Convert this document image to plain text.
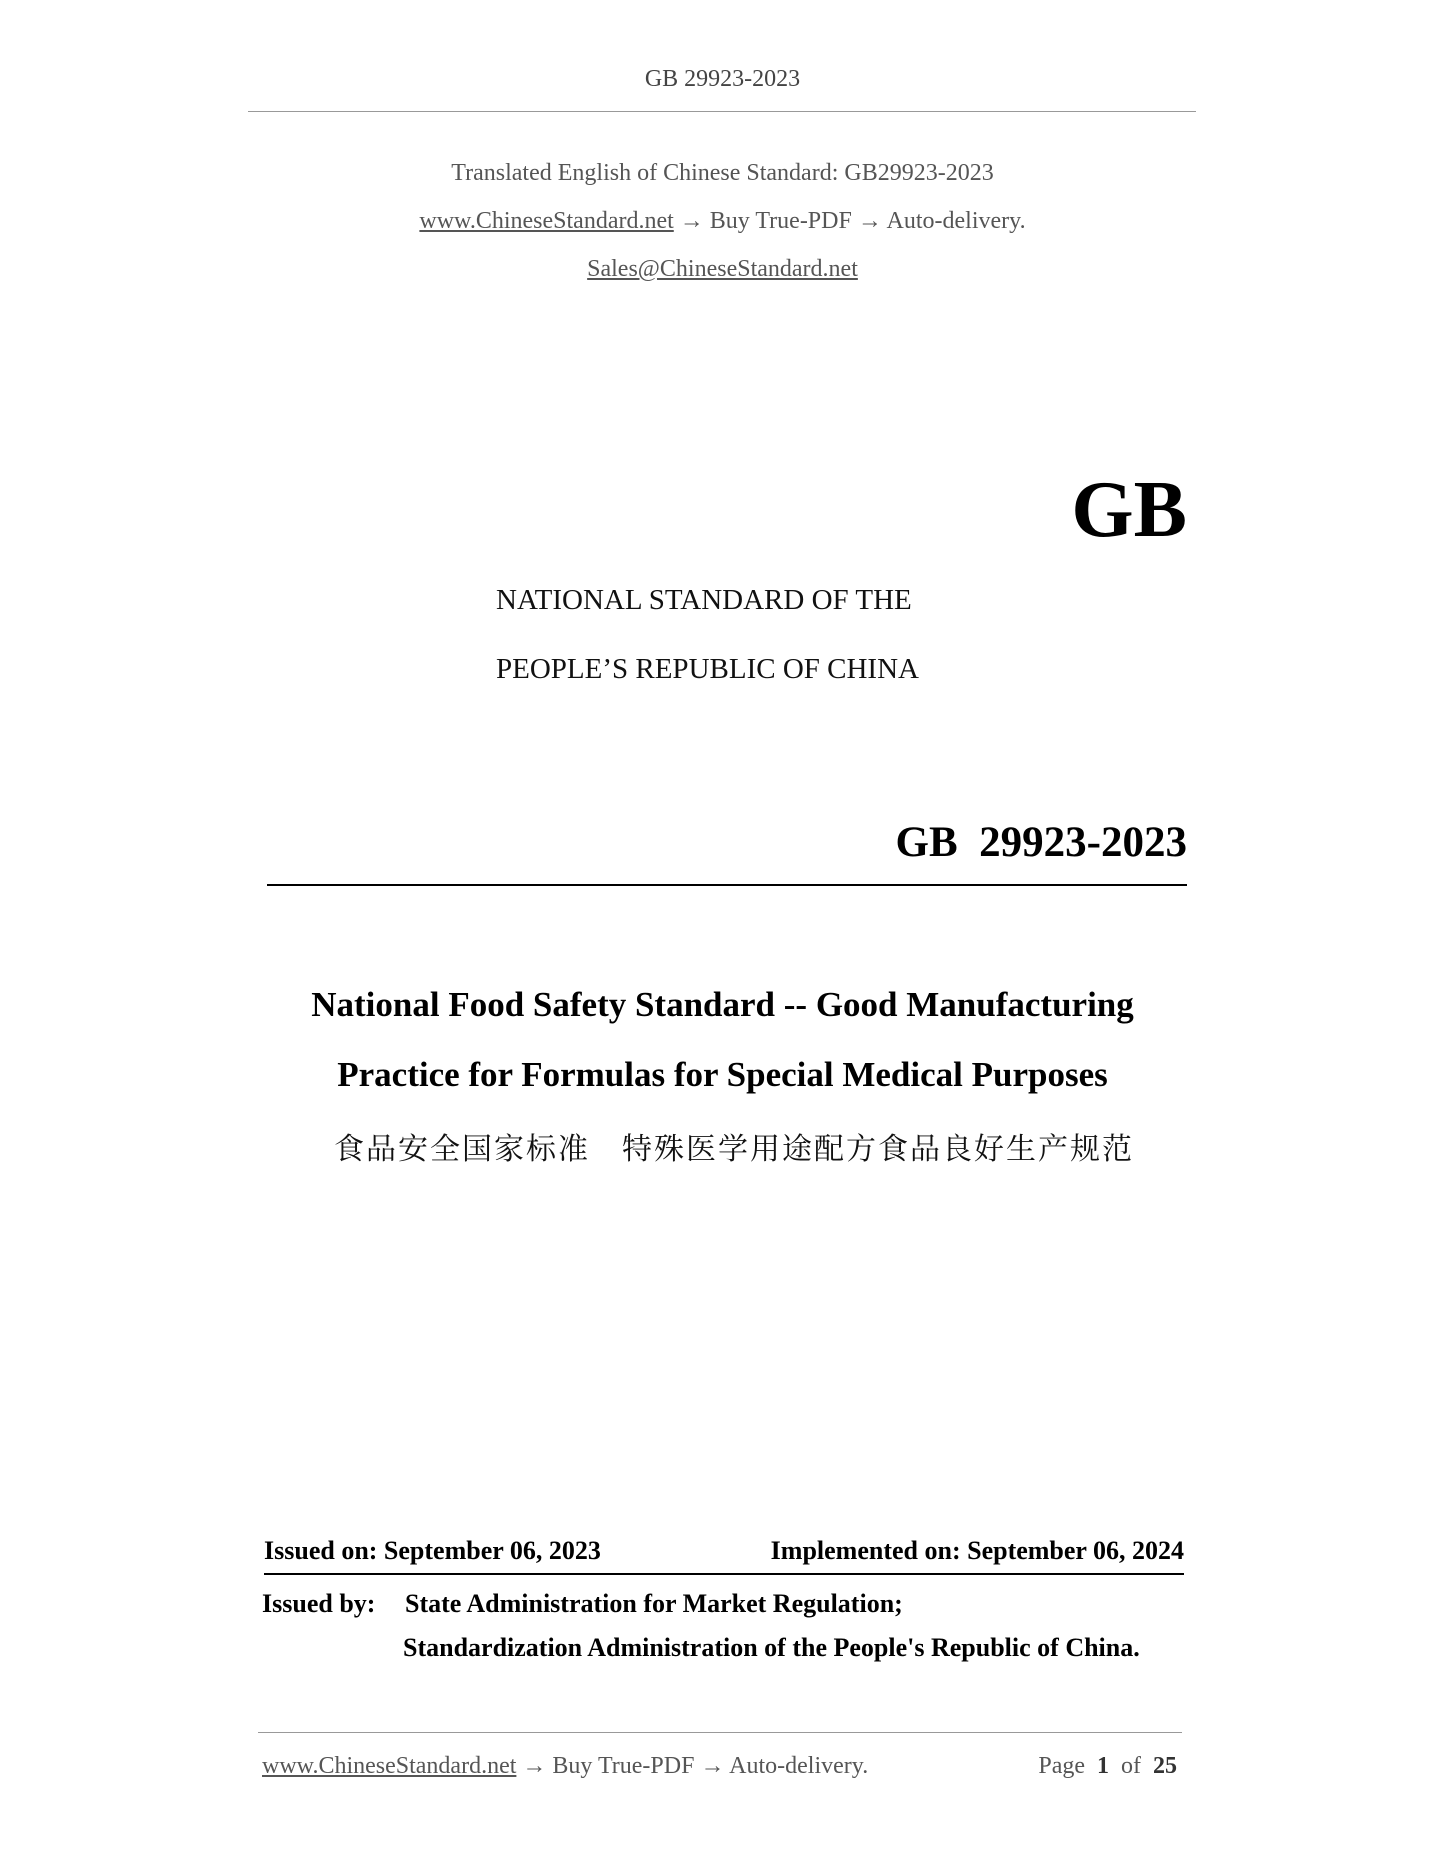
GB 29923-2023
Translated English of Chinese Standard: GB29923-2023
www.ChineseStandard.net → Buy True-PDF → Auto-delivery.
Sales@ChineseStandard.net
GB
NATIONAL STANDARD OF THE
PEOPLE’S REPUBLIC OF CHINA
GB  29923-2023
National Food Safety Standard -- Good Manufacturing
Practice for Formulas for Special Medical Purposes
食品安全国家标准　特殊医学用途配方食品良好生产规范
Issued on: September 06, 2023	Implemented on: September 06, 2024
Issued by: State Administration for Market Regulation;
Standardization Administration of the People's Republic of China.
www.ChineseStandard.net → Buy True-PDF → Auto-delivery.	Page 1 of 25
